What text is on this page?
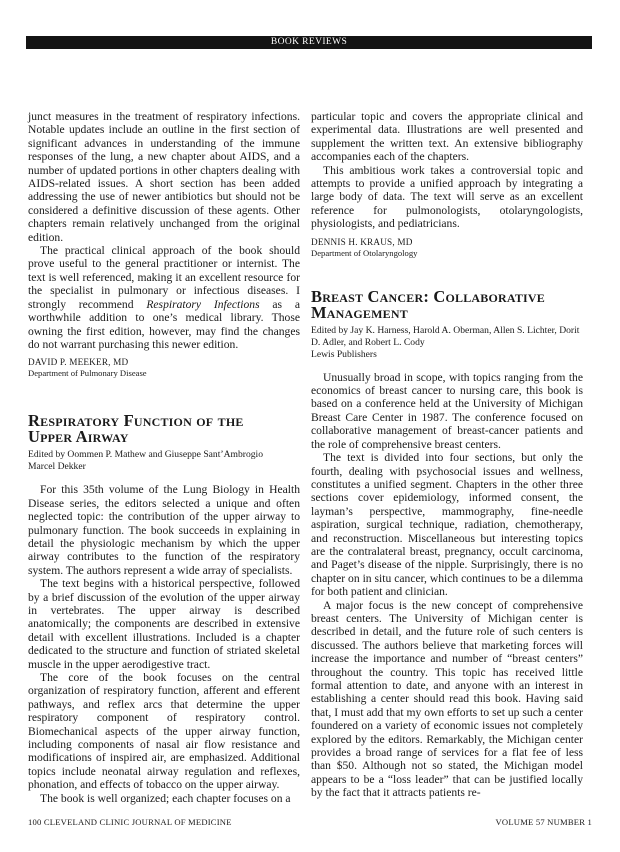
BOOK REVIEWS

junct measures in the treatment of respiratory infections. Notable updates include an outline in the first section of significant advances in understanding of the immune responses of the lung, a new chapter about AIDS, and a number of updated portions in other chapters dealing with AIDS-related issues. A short section has been added addressing the use of newer antibiotics but should not be considered a definitive discussion of these agents. Other chapters remain relatively unchanged from the original edition.

The practical clinical approach of the book should prove useful to the general practitioner or internist. The text is well referenced, making it an excellent resource for the specialist in pulmonary or infectious diseases. I strongly recommend Respiratory Infections as a worthwhile addition to one’s medical library. Those owning the first edition, however, may find the changes do not warrant purchasing this newer edition.

DAVID P. MEEKER, MD
Department of Pulmonary Disease
Respiratory Function of the
Upper Airway
Edited by Oommen P. Mathew and Giuseppe Sant’Ambrogio
Marcel Dekker

For this 35th volume of the Lung Biology in Health Disease series, the editors selected a unique and often neglected topic: the contribution of the upper airway to pulmonary function. The book succeeds in explaining in detail the physiologic mechanism by which the upper airway contributes to the function of the respiratory system. The authors represent a wide array of specialists.

The text begins with a historical perspective, followed by a brief discussion of the evolution of the upper airway in vertebrates. The upper airway is described anatomically; the components are described in extensive detail with excellent illustrations. Included is a chapter dedicated to the structure and function of striated skeletal muscle in the upper aerodigestive tract.

The core of the book focuses on the central organization of respiratory function, afferent and efferent pathways, and reflex arcs that determine the upper respiratory component of respiratory control. Biomechanical aspects of the upper airway function, including components of nasal air flow resistance and modifications of inspired air, are emphasized. Additional topics include neonatal airway regulation and reflexes, phonation, and effects of tobacco on the upper airway.

The book is well organized; each chapter focuses on a

particular topic and covers the appropriate clinical and experimental data. Illustrations are well presented and supplement the written text. An extensive bibliography accompanies each of the chapters.

This ambitious work takes a controversial topic and attempts to provide a unified approach by integrating a large body of data. The text will serve as an excellent reference for pulmonologists, otolaryngologists, physiologists, and pediatricians.

DENNIS H. KRAUS, MD
Department of Otolaryngology
Breast Cancer: Collaborative
Management
Edited by Jay K. Harness, Harold A. Oberman, Allen S. Lichter, Dorit D. Adler, and Robert L. Cody
Lewis Publishers

Unusually broad in scope, with topics ranging from the economics of breast cancer to nursing care, this book is based on a conference held at the University of Michigan Breast Care Center in 1987. The conference focused on collaborative management of breast-cancer patients and the role of comprehensive breast centers.

The text is divided into four sections, but only the fourth, dealing with psychosocial issues and wellness, constitutes a unified segment. Chapters in the other three sections cover epidemiology, informed consent, the layman’s perspective, mammography, fine-needle aspiration, surgical technique, radiation, chemotherapy, and reconstruction. Miscellaneous but interesting topics are the contralateral breast, pregnancy, occult carcinoma, and Paget’s disease of the nipple. Surprisingly, there is no chapter on in situ cancer, which continues to be a dilemma for both patient and clinician.

A major focus is the new concept of comprehensive breast centers. The University of Michigan center is described in detail, and the future role of such centers is discussed. The authors believe that marketing forces will increase the importance and number of “breast centers” throughout the country. This topic has received little formal attention to date, and anyone with an interest in establishing a center should read this book. Having said that, I must add that my own efforts to set up such a center foundered on a variety of economic issues not completely explored by the editors. Remarkably, the Michigan center provides a broad range of services for a flat fee of less than $50. Although not so stated, the Michigan model appears to be a “loss leader” that can be justified locally by the fact that it attracts patients re-

100 CLEVELAND CLINIC JOURNAL OF MEDICINE	VOLUME 57 NUMBER 1
